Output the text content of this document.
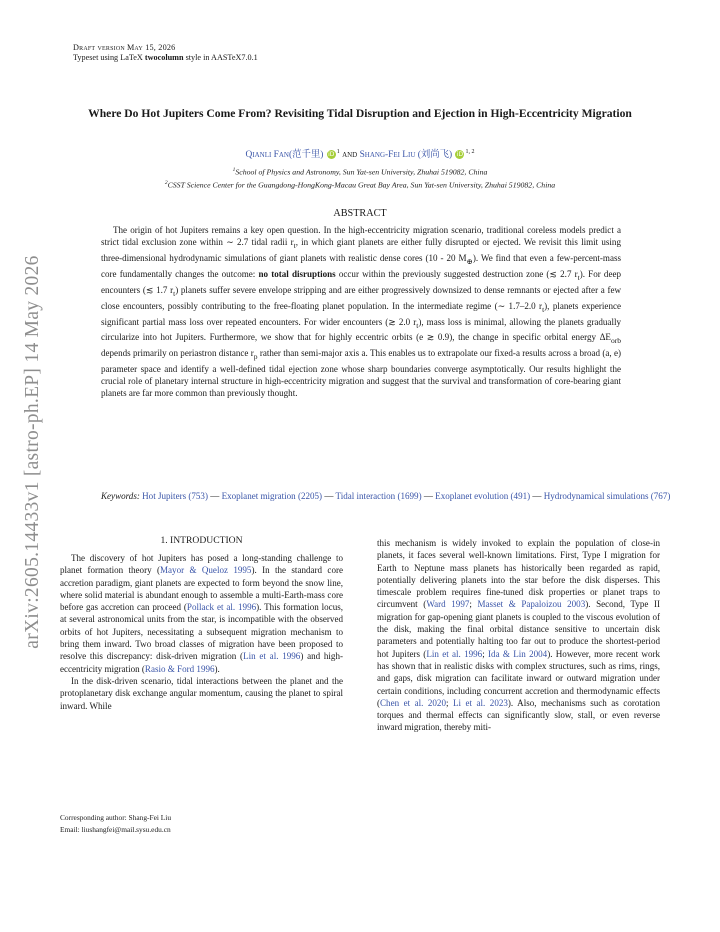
Draft version May 15, 2026
Typeset using LaTeX twocolumn style in AASTeX7.0.1
Where Do Hot Jupiters Come From? Revisiting Tidal Disruption and Ejection in High-Eccentricity Migration
Qianli Fan(范千里) iD $^1$ and Shang-Fei Liu (刘尚飞) iD $^{1, 2}$
$^1$School of Physics and Astronomy, Sun Yat-sen University, Zhuhai 519082, China
$^2$CSST Science Center for the Guangdong-HongKong-Macau Great Bay Area, Sun Yat-sen University, Zhuhai 519082, China
ABSTRACT
The origin of hot Jupiters remains a key open question. In the high-eccentricity migration scenario, traditional coreless models predict a strict tidal exclusion zone within ∼ 2.7 tidal radii $r_t$, in which giant planets are either fully disrupted or ejected. We revisit this limit using three-dimensional hydrodynamic simulations of giant planets with realistic dense cores (10 - 20 $M_\oplus$). We find that even a few-percent-mass core fundamentally changes the outcome: no total disruptions occur within the previously suggested destruction zone (≲ 2.7 $r_t$). For deep encounters (≲ 1.7 $r_t$) planets suffer severe envelope stripping and are either progressively downsized to dense remnants or ejected after a few close encounters, possibly contributing to the free-floating planet population. In the intermediate regime (∼ 1.7–2.0 $r_t$), planets experience significant partial mass loss over repeated encounters. For wider encounters (≳ 2.0 $r_t$), mass loss is minimal, allowing the planets gradually circularize into hot Jupiters. Furthermore, we show that for highly eccentric orbits (e ≳ 0.9), the change in specific orbital energy $\Delta E_{orb}$ depends primarily on periastron distance $r_p$ rather than semi-major axis a. This enables us to extrapolate our fixed-a results across a broad (a, e) parameter space and identify a well-defined tidal ejection zone whose sharp boundaries converge asymptotically. Our results highlight the crucial role of planetary internal structure in high-eccentricity migration and suggest that the survival and transformation of core-bearing giant planets are far more common than previously thought.
Keywords: Hot Jupiters (753) — Exoplanet migration (2205) — Tidal interaction (1699) — Exoplanet evolution (491) — Hydrodynamical simulations (767)
1. INTRODUCTION

The discovery of hot Jupiters has posed a long-standing challenge to planet formation theory (Mayor & Queloz 1995). In the standard core accretion paradigm, giant planets are expected to form beyond the snow line, where solid material is abundant enough to assemble a multi-Earth-mass core before gas accretion can proceed (Pollack et al. 1996). This formation locus, at several astronomical units from the star, is incompatible with the observed orbits of hot Jupiters, necessitating a subsequent migration mechanism to bring them inward. Two broad classes of migration have been proposed to resolve this discrepancy: disk-driven migration (Lin et al. 1996) and high-eccentricity migration (Rasio & Ford 1996).

In the disk-driven scenario, tidal interactions between the planet and the protoplanetary disk exchange angular momentum, causing the planet to spiral inward. While

this mechanism is widely invoked to explain the population of close-in planets, it faces several well-known limitations. First, Type I migration for Earth to Neptune mass planets has historically been regarded as rapid, potentially delivering planets into the star before the disk disperses. This timescale problem requires fine-tuned disk properties or planet traps to circumvent (Ward 1997; Masset & Papaloizou 2003). Second, Type II migration for gap-opening giant planets is coupled to the viscous evolution of the disk, making the final orbital distance sensitive to uncertain disk parameters and potentially halting too far out to produce the shortest-period hot Jupiters (Lin et al. 1996; Ida & Lin 2004). However, more recent work has shown that in realistic disks with complex structures, such as rims, rings, and gaps, disk migration can facilitate inward or outward migration under certain conditions, including concurrent accretion and thermodynamic effects (Chen et al. 2020; Li et al. 2023). Also, mechanisms such as corotation torques and thermal effects can significantly slow, stall, or even reverse inward migration, thereby miti-

Corresponding author: Shang-Fei Liu
Email: liushangfei@mail.sysu.edu.cn
arXiv:2605.14433v1 [astro-ph.EP] 14 May 2026
